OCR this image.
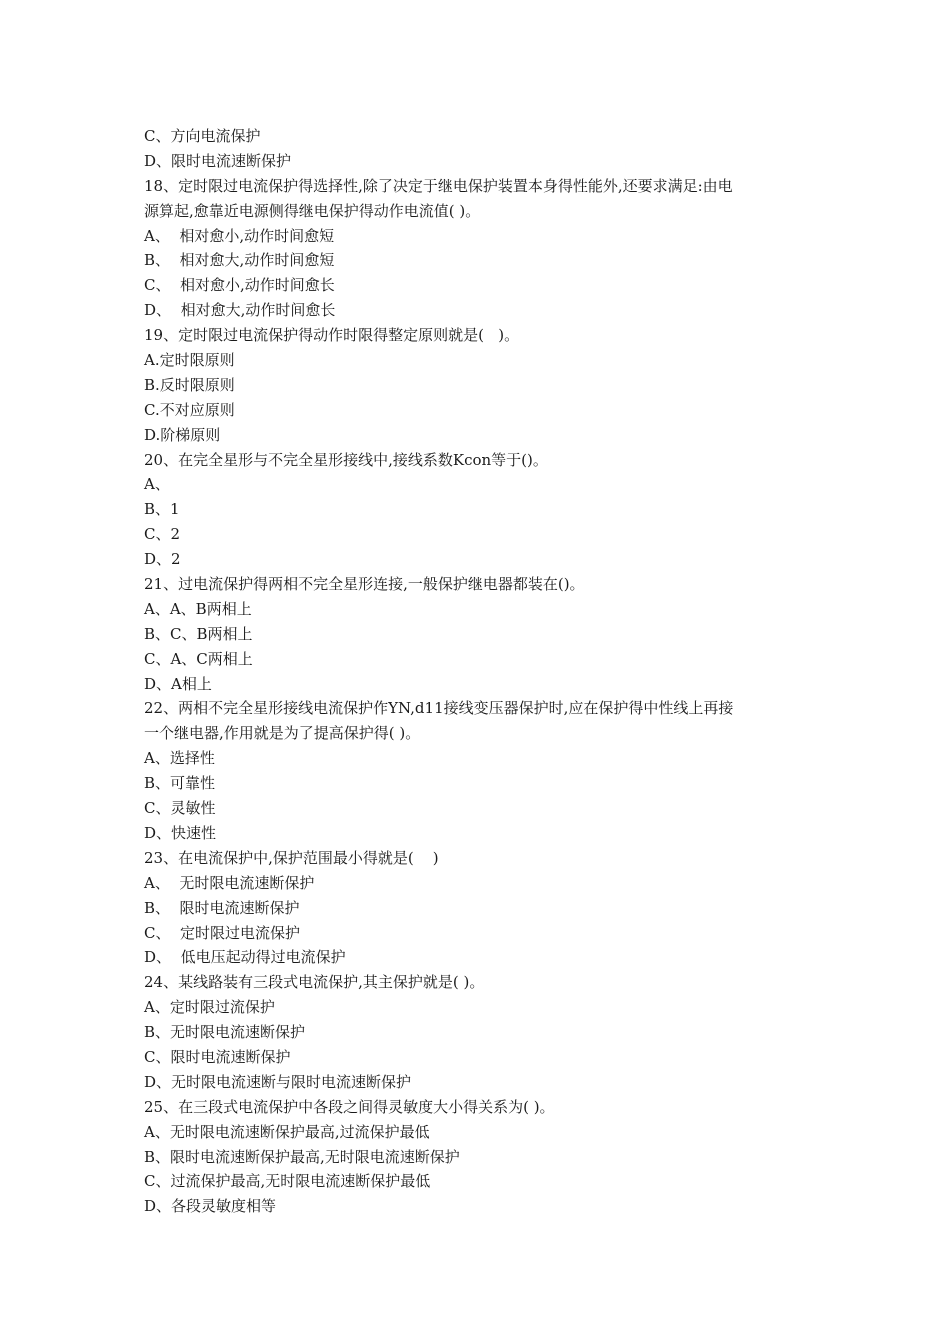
C、方向电流保护
D、限时电流速断保护
18、定时限过电流保护得选择性,除了决定于继电保护装置本身得性能外,还要求满足:由电
源算起,愈靠近电源侧得继电保护得动作电流值( )。
A、  相对愈小,动作时间愈短
B、  相对愈大,动作时间愈短
C、  相对愈小,动作时间愈长
D、  相对愈大,动作时间愈长
19、定时限过电流保护得动作时限得整定原则就是(   )。
A.定时限原则
B.反时限原则
C.不对应原则
D.阶梯原则
20、在完全星形与不完全星形接线中,接线系数Kcon等于()。
A、
B、1
C、2
D、2
21、过电流保护得两相不完全星形连接,一般保护继电器都装在()。
A、A、B两相上
B、C、B两相上
C、A、C两相上
D、A相上
22、两相不完全星形接线电流保护作YN,d11接线变压器保护时,应在保护得中性线上再接
一个继电器,作用就是为了提高保护得( )。
A、选择性
B、可靠性
C、灵敏性
D、快速性
23、在电流保护中,保护范围最小得就是(    )
A、  无时限电流速断保护
B、  限时电流速断保护
C、  定时限过电流保护
D、  低电压起动得过电流保护
24、某线路装有三段式电流保护,其主保护就是( )。
A、定时限过流保护
B、无时限电流速断保护
C、限时电流速断保护
D、无时限电流速断与限时电流速断保护
25、在三段式电流保护中各段之间得灵敏度大小得关系为( )。
A、无时限电流速断保护最高,过流保护最低
B、限时电流速断保护最高,无时限电流速断保护
C、过流保护最高,无时限电流速断保护最低
D、各段灵敏度相等
